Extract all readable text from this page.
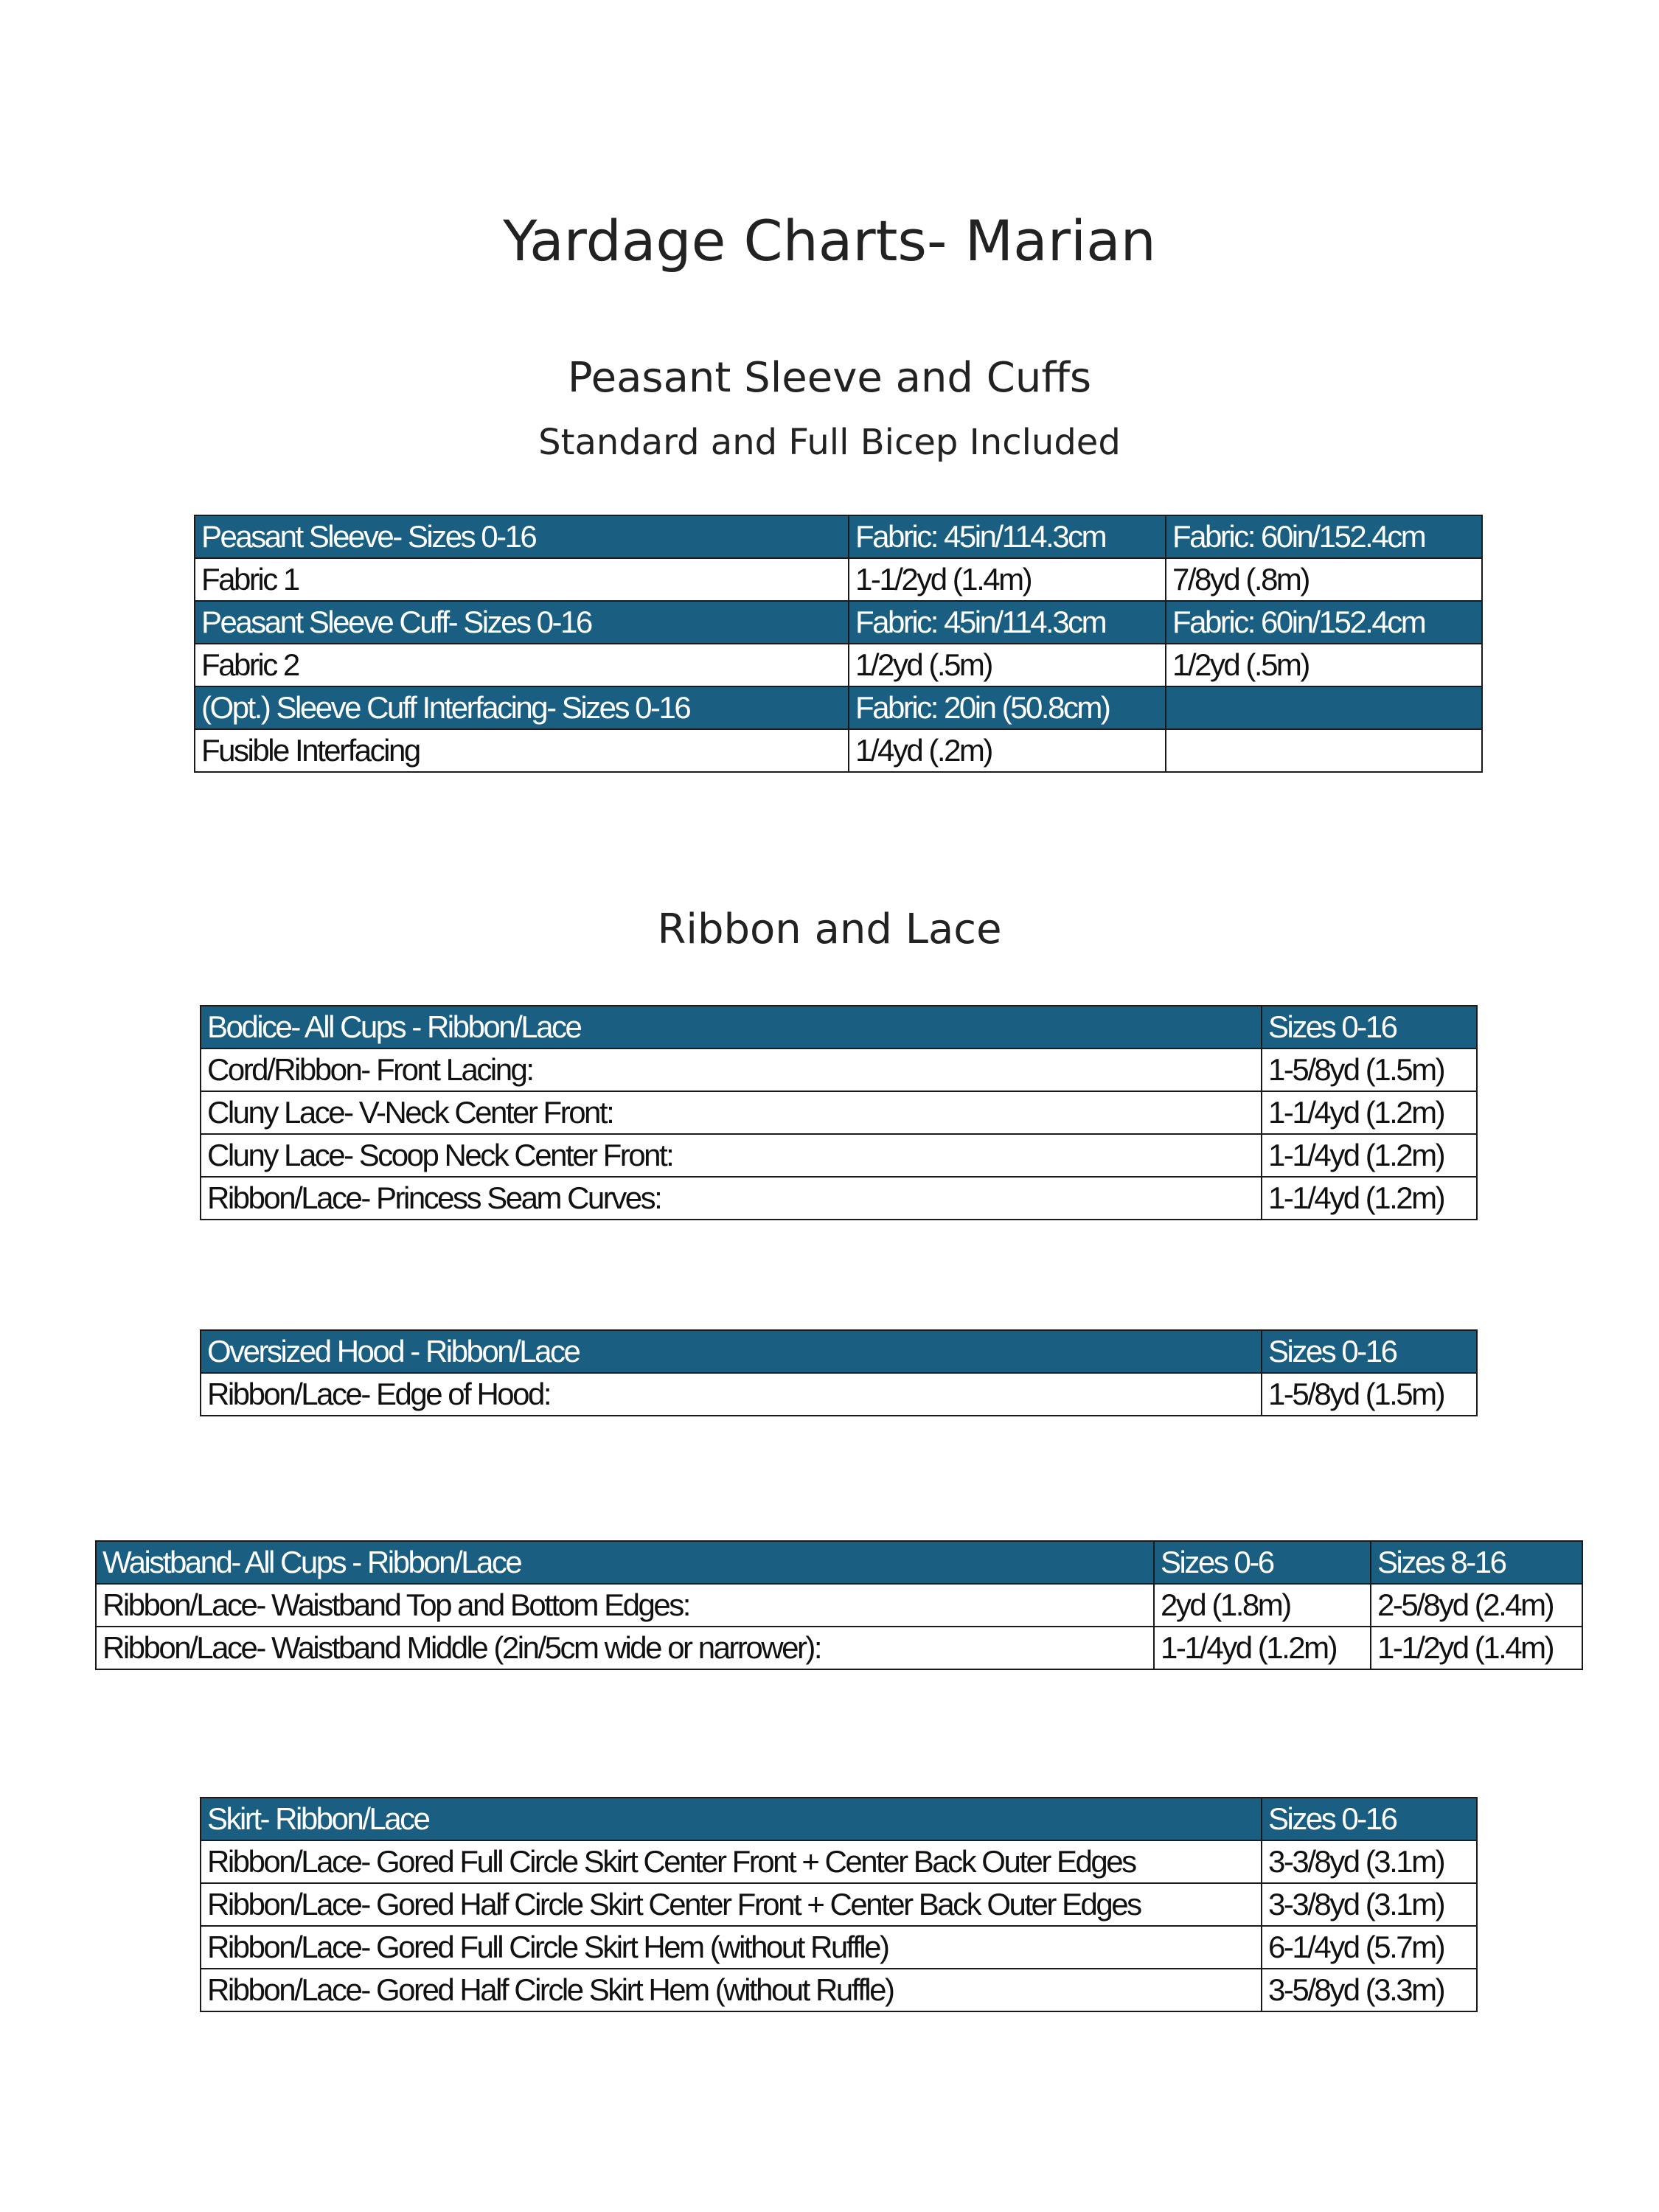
Yardage Charts- Marian
Peasant Sleeve and Cuffs
Standard and Full Bicep Included
Peasant Sleeve- Sizes 0-16	Fabric: 45in/114.3cm	Fabric: 60in/152.4cm
Fabric 1	1-1/2yd (1.4m)	7/8yd (.8m)
Peasant Sleeve Cuff- Sizes 0-16	Fabric: 45in/114.3cm	Fabric: 60in/152.4cm
Fabric 2	1/2yd (.5m)	1/2yd (.5m)
(Opt.) Sleeve Cuff Interfacing- Sizes 0-16	Fabric: 20in (50.8cm)	
Fusible Interfacing	1/4yd (.2m)	
Ribbon and Lace
Bodice- All Cups - Ribbon/Lace	Sizes 0-16
Cord/Ribbon- Front Lacing:	1-5/8yd (1.5m)
Cluny Lace- V-Neck Center Front:	1-1/4yd (1.2m)
Cluny Lace- Scoop Neck Center Front:	1-1/4yd (1.2m)
Ribbon/Lace- Princess Seam Curves:	1-1/4yd (1.2m)
Oversized Hood - Ribbon/Lace	Sizes 0-16
Ribbon/Lace- Edge of Hood:	1-5/8yd (1.5m)
Waistband- All Cups - Ribbon/Lace	Sizes 0-6	Sizes 8-16
Ribbon/Lace- Waistband Top and Bottom Edges:	2yd (1.8m)	2-5/8yd (2.4m)
Ribbon/Lace- Waistband Middle (2in/5cm wide or narrower):	1-1/4yd (1.2m)	1-1/2yd (1.4m)
Skirt- Ribbon/Lace	Sizes 0-16
Ribbon/Lace- Gored Full Circle Skirt Center Front + Center Back Outer Edges	3-3/8yd (3.1m)
Ribbon/Lace- Gored Half Circle Skirt Center Front + Center Back Outer Edges	3-3/8yd (3.1m)
Ribbon/Lace- Gored Full Circle Skirt Hem (without Ruffle)	6-1/4yd (5.7m)
Ribbon/Lace- Gored Half Circle Skirt Hem (without Ruffle)	3-5/8yd (3.3m)
